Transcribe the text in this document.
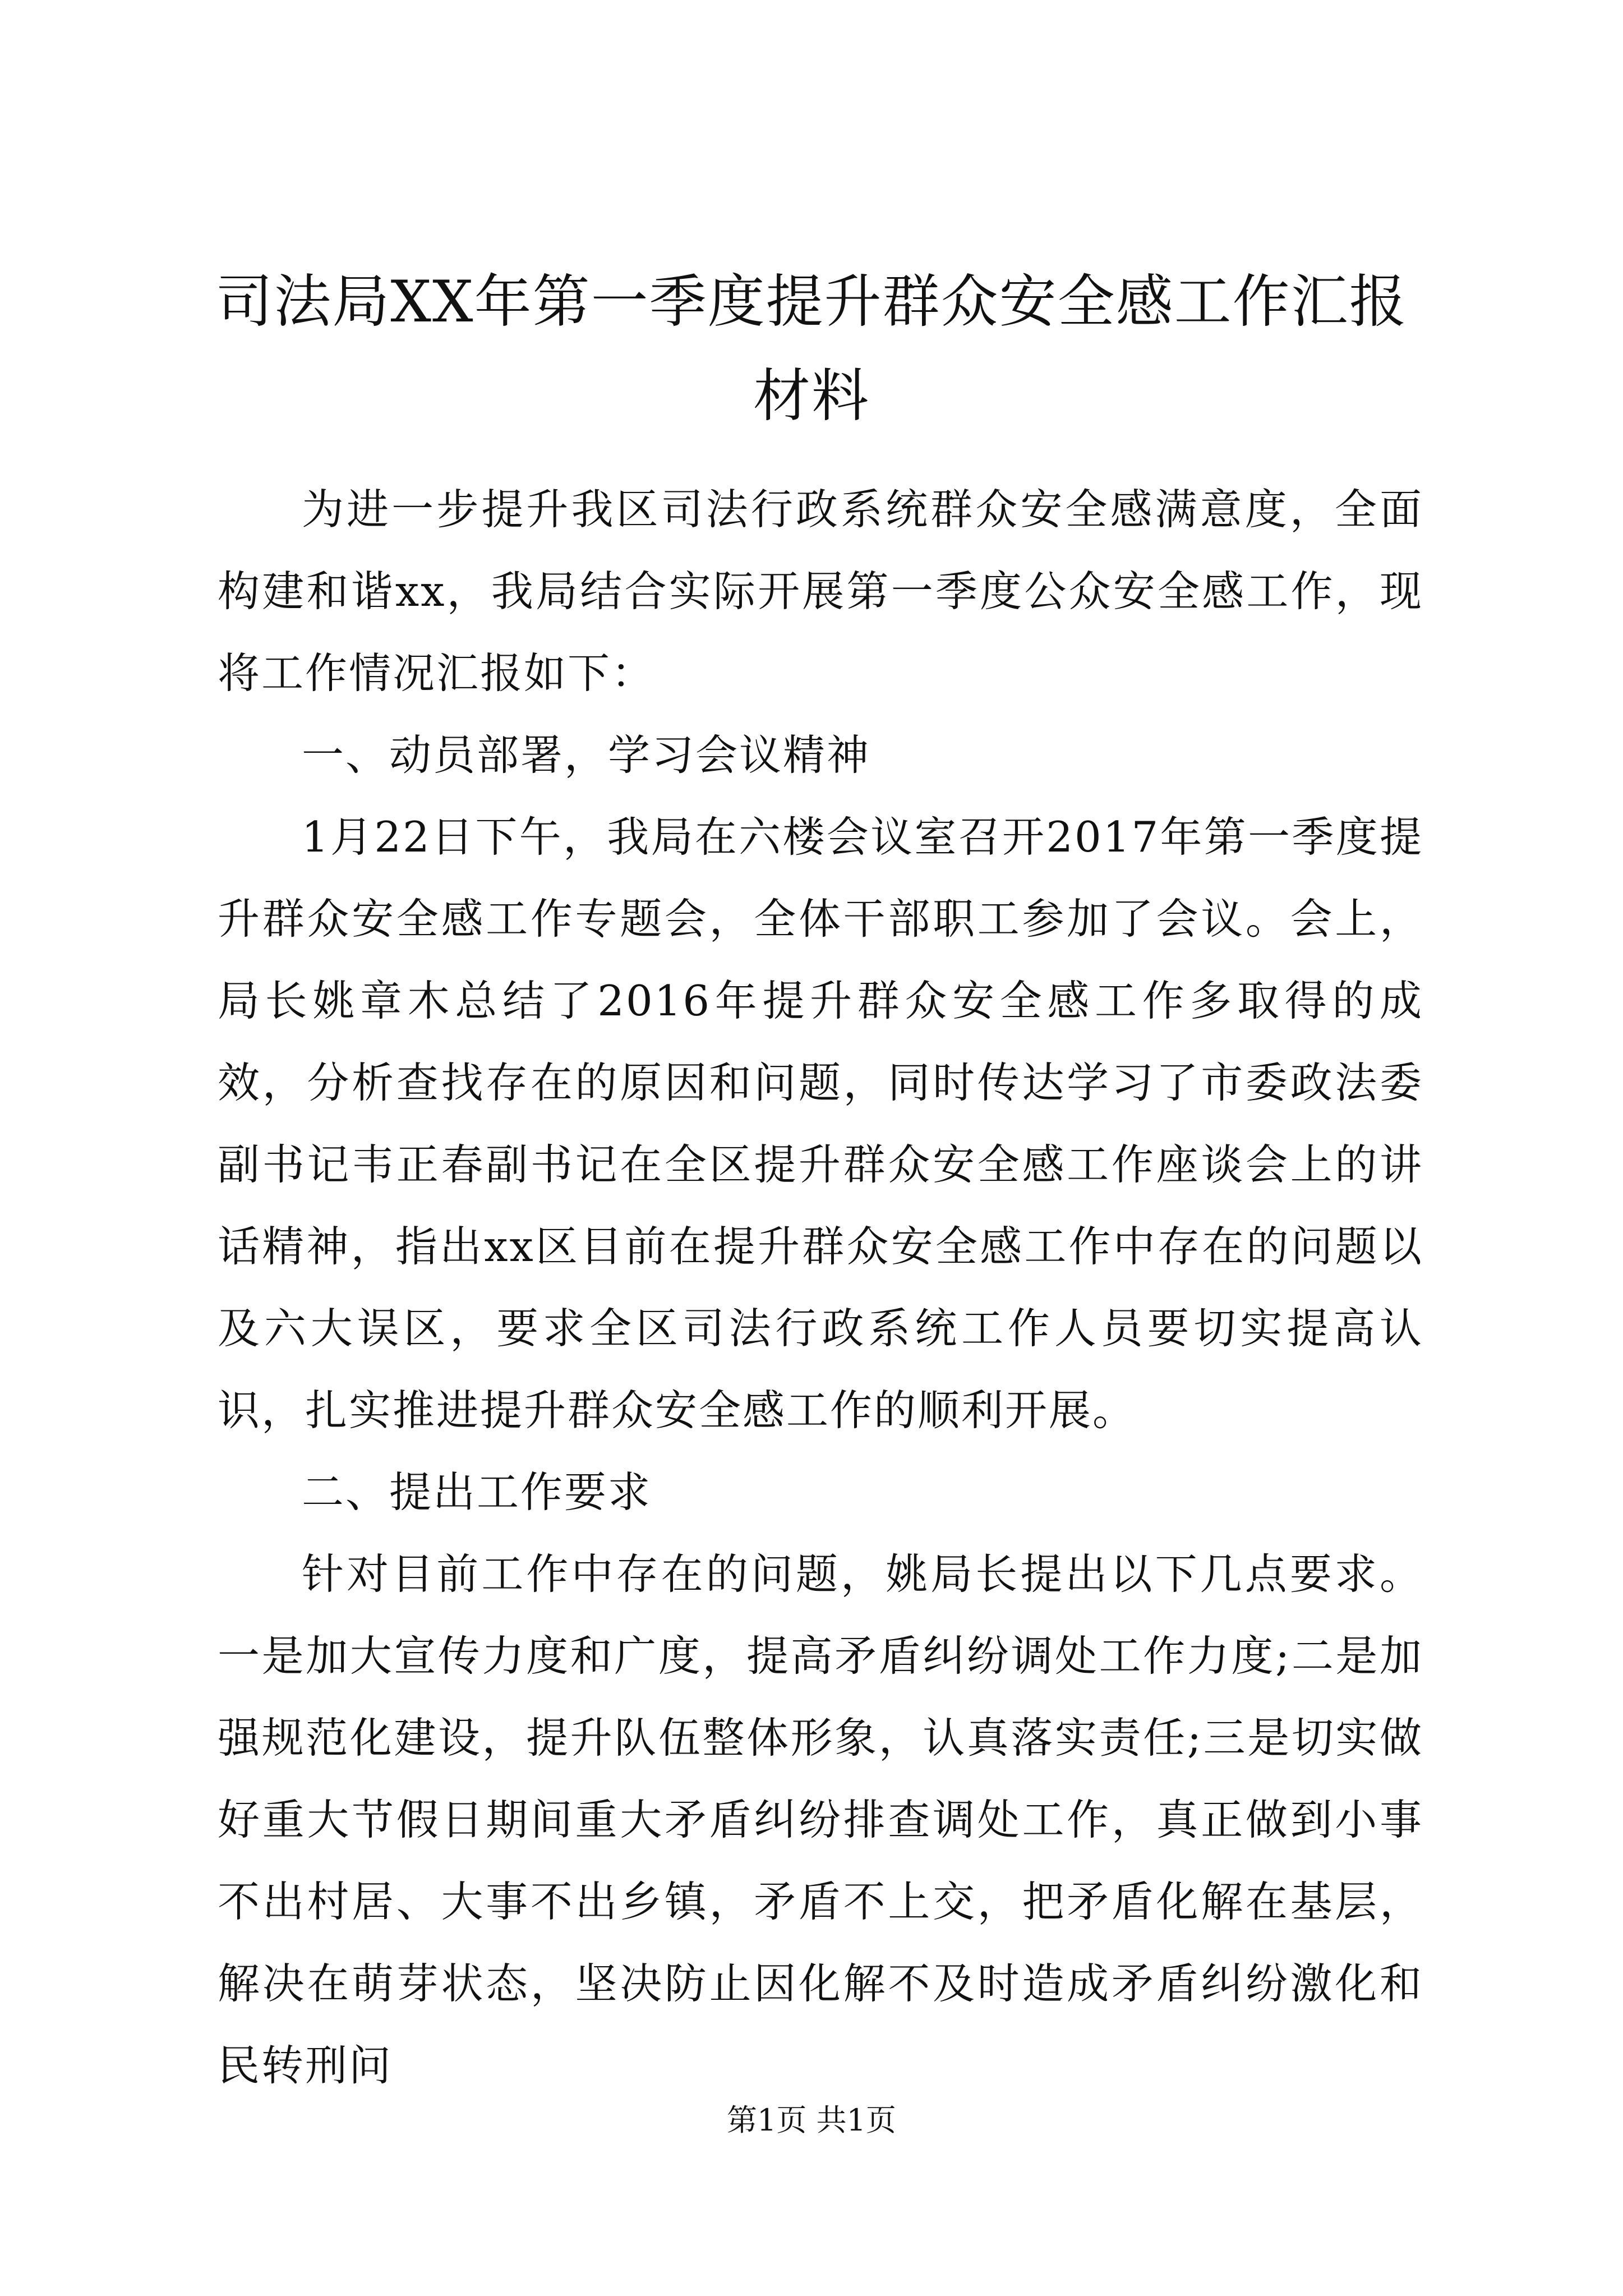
司法局XX年第一季度提升群众安全感工作汇报材料

为进一步提升我区司法行政系统群众安全感满意度，全面构建和谐xx，我局结合实际开展第一季度公众安全感工作，现将工作情况汇报如下：

一、动员部署，学习会议精神

1月22日下午，我局在六楼会议室召开2017年第一季度提升群众安全感工作专题会，全体干部职工参加了会议。会上，局长姚章木总结了2016年提升群众安全感工作多取得的成效，分析查找存在的原因和问题，同时传达学习了市委政法委副书记韦正春副书记在全区提升群众安全感工作座谈会上的讲话精神，指出xx区目前在提升群众安全感工作中存在的问题以及六大误区，要求全区司法行政系统工作人员要切实提高认识，扎实推进提升群众安全感工作的顺利开展。

二、提出工作要求

针对目前工作中存在的问题，姚局长提出以下几点要求。一是加大宣传力度和广度，提高矛盾纠纷调处工作力度;二是加强规范化建设，提升队伍整体形象，认真落实责任;三是切实做好重大节假日期间重大矛盾纠纷排查调处工作，真正做到小事不出村居、大事不出乡镇，矛盾不上交，把矛盾化解在基层，解决在萌芽状态，坚决防止因化解不及时造成矛盾纠纷激化和民转刑问

第1页 共1页
